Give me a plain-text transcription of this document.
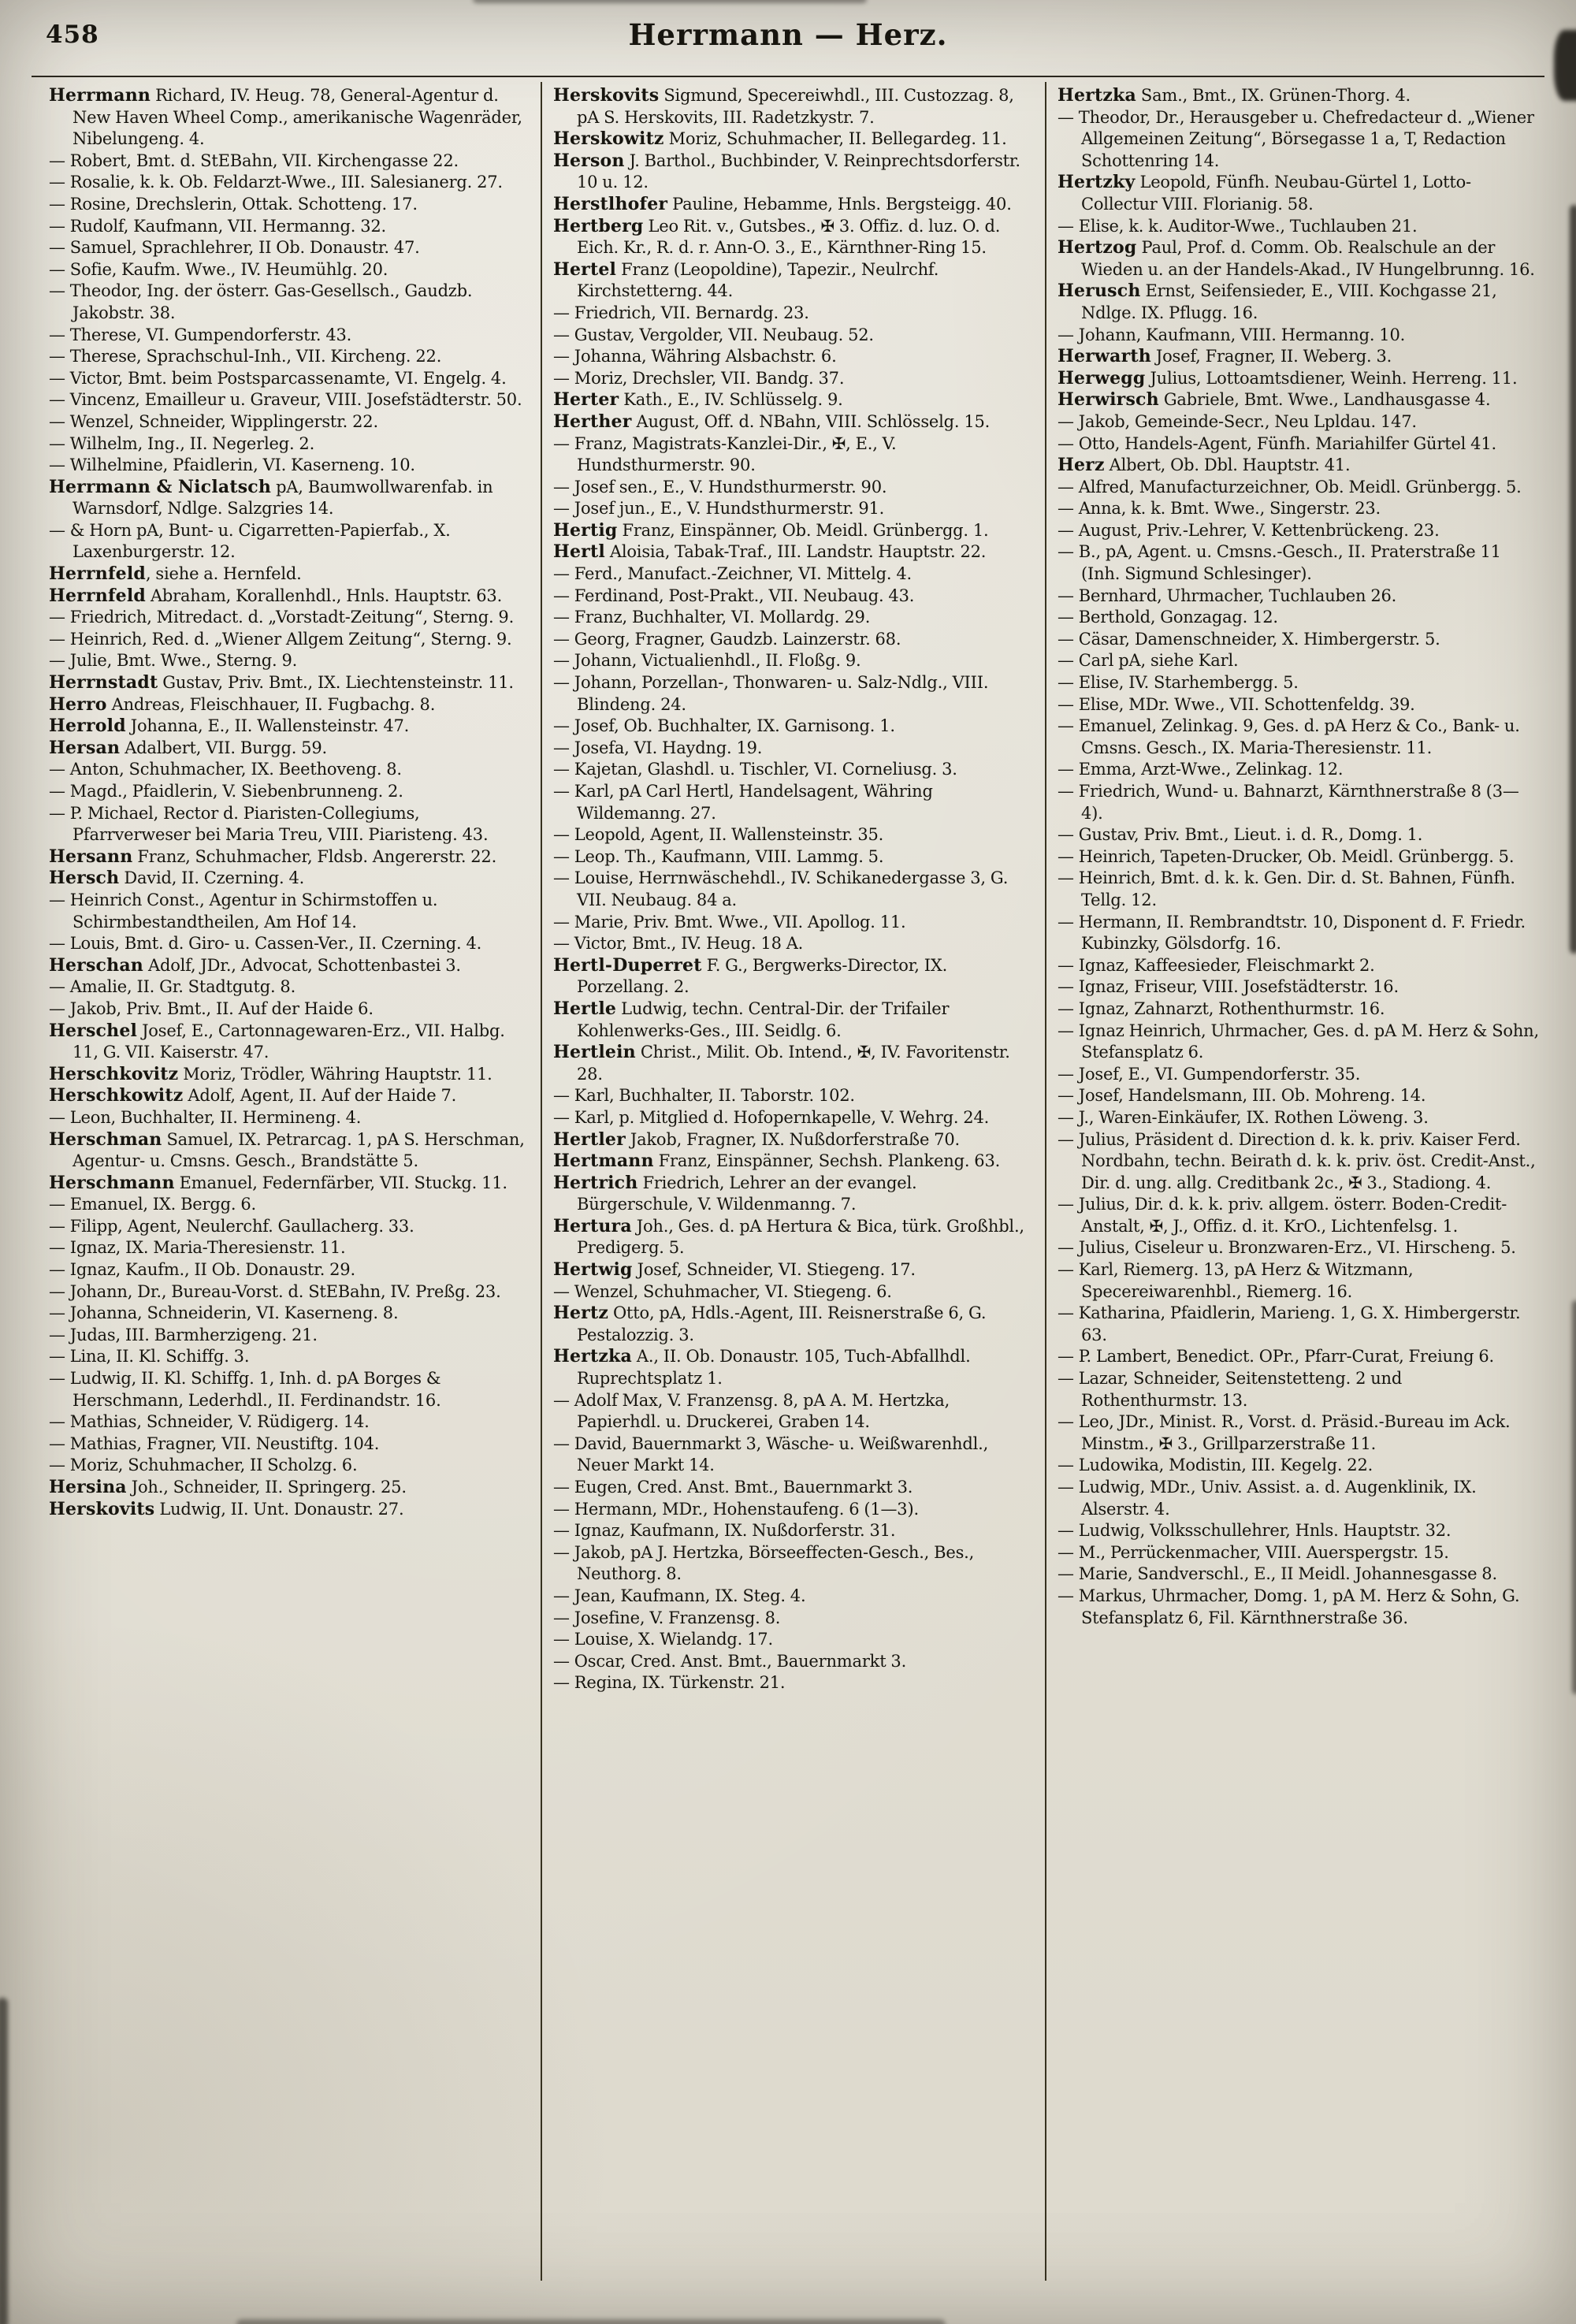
458	Herrmann — Herz.

Herrmann Richard, IV. Heug. 78, General-Agentur d. New Haven Wheel Comp., amerikanische Wagenräder, Nibelungeng. 4.

— Robert, Bmt. d. StEBahn, VII. Kirchengasse 22.

— Rosalie, k. k. Ob. Feldarzt-Wwe., III. Salesianerg. 27.

— Rosine, Drechslerin, Ottak. Schotteng. 17.

— Rudolf, Kaufmann, VII. Hermanng. 32.

— Samuel, Sprachlehrer, II Ob. Donaustr. 47.

— Sofie, Kaufm. Wwe., IV. Heumühlg. 20.

— Theodor, Ing. der österr. Gas-Gesellsch., Gaudzb. Jakobstr. 38.

— Therese, VI. Gumpendorferstr. 43.

— Therese, Sprachschul-Inh., VII. Kircheng. 22.

— Victor, Bmt. beim Postsparcassenamte, VI. Engelg. 4.

— Vincenz, Emailleur u. Graveur, VIII. Josefstädterstr. 50.

— Wenzel, Schneider, Wipplingerstr. 22.

— Wilhelm, Ing., II. Negerleg. 2.

— Wilhelmine, Pfaidlerin, VI. Kaserneng. 10.

Herrmann & Niclatsch pA, Baumwollwarenfab. in Warnsdorf, Ndlge. Salzgries 14.

— & Horn pA, Bunt- u. Cigarretten-Papierfab., X. Laxenburgerstr. 12.

Herrnfeld, siehe a. Hernfeld.

Herrnfeld Abraham, Korallenhdl., Hnls. Hauptstr. 63.

— Friedrich, Mitredact. d. „Vorstadt-Zeitung“, Sterng. 9.

— Heinrich, Red. d. „Wiener Allgem Zeitung“, Sterng. 9.

— Julie, Bmt. Wwe., Sterng. 9.

Herrnstadt Gustav, Priv. Bmt., IX. Liechtensteinstr. 11.

Herro Andreas, Fleischhauer, II. Fugbachg. 8.

Herrold Johanna, E., II. Wallensteinstr. 47.

Hersan Adalbert, VII. Burgg. 59.

— Anton, Schuhmacher, IX. Beethoveng. 8.

— Magd., Pfaidlerin, V. Siebenbrunneng. 2.

— P. Michael, Rector d. Piaristen-Collegiums, Pfarrverweser bei Maria Treu, VIII. Piaristeng. 43.

Hersann Franz, Schuhmacher, Fldsb. Angererstr. 22.

Hersch David, II. Czerning. 4.

— Heinrich Const., Agentur in Schirmstoffen u. Schirmbestandtheilen, Am Hof 14.

— Louis, Bmt. d. Giro- u. Cassen-Ver., II. Czerning. 4.

Herschan Adolf, JDr., Advocat, Schottenbastei 3.

— Amalie, II. Gr. Stadtgutg. 8.

— Jakob, Priv. Bmt., II. Auf der Haide 6.

Herschel Josef, E., Cartonnagewaren-Erz., VII. Halbg. 11, G. VII. Kaiserstr. 47.

Herschkovitz Moriz, Trödler, Währing Hauptstr. 11.

Herschkowitz Adolf, Agent, II. Auf der Haide 7.

— Leon, Buchhalter, II. Hermineng. 4.

Herschman Samuel, IX. Petrarcag. 1, pA S. Herschman, Agentur- u. Cmsns. Gesch., Brandstätte 5.

Herschmann Emanuel, Federnfärber, VII. Stuckg. 11.

— Emanuel, IX. Bergg. 6.

— Filipp, Agent, Neulerchf. Gaullacherg. 33.

— Ignaz, IX. Maria-Theresienstr. 11.

— Ignaz, Kaufm., II Ob. Donaustr. 29.

— Johann, Dr., Bureau-Vorst. d. StEBahn, IV. Preßg. 23.

— Johanna, Schneiderin, VI. Kaserneng. 8.

— Judas, III. Barmherzigeng. 21.

— Lina, II. Kl. Schiffg. 3.

— Ludwig, II. Kl. Schiffg. 1, Inh. d. pA Borges & Herschmann, Lederhdl., II. Ferdinandstr. 16.

— Mathias, Schneider, V. Rüdigerg. 14.

— Mathias, Fragner, VII. Neustiftg. 104.

— Moriz, Schuhmacher, II Scholzg. 6.

Hersina Joh., Schneider, II. Springerg. 25.

Herskovits Ludwig, II. Unt. Donaustr. 27.

Herskovits Sigmund, Specereiwhdl., III. Custozzag. 8, pA S. Herskovits, III. Radetzkystr. 7.

Herskowitz Moriz, Schuhmacher, II. Bellegardeg. 11.

Herson J. Barthol., Buchbinder, V. Reinprechtsdorferstr. 10 u. 12.

Herstlhofer Pauline, Hebamme, Hnls. Bergsteigg. 40.

Hertberg Leo Rit. v., Gutsbes., ✠ 3. Offiz. d. luz. O. d. Eich. Kr., R. d. r. Ann-O. 3., E., Kärnthner-Ring 15.

Hertel Franz (Leopoldine), Tapezir., Neulrchf. Kirchstetterng. 44.

— Friedrich, VII. Bernardg. 23.

— Gustav, Vergolder, VII. Neubaug. 52.

— Johanna, Währing Alsbachstr. 6.

— Moriz, Drechsler, VII. Bandg. 37.

Herter Kath., E., IV. Schlüsselg. 9.

Herther August, Off. d. NBahn, VIII. Schlösselg. 15.

— Franz, Magistrats-Kanzlei-Dir., ✠, E., V. Hundsthurmerstr. 90.

— Josef sen., E., V. Hundsthurmerstr. 90.

— Josef jun., E., V. Hundsthurmerstr. 91.

Hertig Franz, Einspänner, Ob. Meidl. Grünbergg. 1.

Hertl Aloisia, Tabak-Traf., III. Landstr. Hauptstr. 22.

— Ferd., Manufact.-Zeichner, VI. Mittelg. 4.

— Ferdinand, Post-Prakt., VII. Neubaug. 43.

— Franz, Buchhalter, VI. Mollardg. 29.

— Georg, Fragner, Gaudzb. Lainzerstr. 68.

— Johann, Victualienhdl., II. Floßg. 9.

— Johann, Porzellan-, Thonwaren- u. Salz-Ndlg., VIII. Blindeng. 24.

— Josef, Ob. Buchhalter, IX. Garnisong. 1.

— Josefa, VI. Haydng. 19.

— Kajetan, Glashdl. u. Tischler, VI. Corneliusg. 3.

— Karl, pA Carl Hertl, Handelsagent, Währing Wildemanng. 27.

— Leopold, Agent, II. Wallensteinstr. 35.

— Leop. Th., Kaufmann, VIII. Lammg. 5.

— Louise, Herrnwäschehdl., IV. Schikanedergasse 3, G. VII. Neubaug. 84 a.

— Marie, Priv. Bmt. Wwe., VII. Apollog. 11.

— Victor, Bmt., IV. Heug. 18 A.

Hertl-Duperret F. G., Bergwerks-Director, IX. Porzellang. 2.

Hertle Ludwig, techn. Central-Dir. der Trifailer Kohlenwerks-Ges., III. Seidlg. 6.

Hertlein Christ., Milit. Ob. Intend., ✠, IV. Favoritenstr. 28.

— Karl, Buchhalter, II. Taborstr. 102.

— Karl, p. Mitglied d. Hofopernkapelle, V. Wehrg. 24.

Hertler Jakob, Fragner, IX. Nußdorferstraße 70.

Hertmann Franz, Einspänner, Sechsh. Plankeng. 63.

Hertrich Friedrich, Lehrer an der evangel. Bürgerschule, V. Wildenmanng. 7.

Hertura Joh., Ges. d. pA Hertura & Bica, türk. Großhbl., Predigerg. 5.

Hertwig Josef, Schneider, VI. Stiegeng. 17.

— Wenzel, Schuhmacher, VI. Stiegeng. 6.

Hertz Otto, pA, Hdls.-Agent, III. Reisnerstraße 6, G. Pestalozzig. 3.

Hertzka A., II. Ob. Donaustr. 105, Tuch-Abfallhdl. Ruprechtsplatz 1.

— Adolf Max, V. Franzensg. 8, pA A. M. Hertzka, Papierhdl. u. Druckerei, Graben 14.

— David, Bauernmarkt 3, Wäsche- u. Weißwarenhdl., Neuer Markt 14.

— Eugen, Cred. Anst. Bmt., Bauernmarkt 3.

— Hermann, MDr., Hohenstaufeng. 6 (1—3).

— Ignaz, Kaufmann, IX. Nußdorferstr. 31.

— Jakob, pA J. Hertzka, Börseeffecten-Gesch., Bes., Neuthorg. 8.

— Jean, Kaufmann, IX. Steg. 4.

— Josefine, V. Franzensg. 8.

— Louise, X. Wielandg. 17.

— Oscar, Cred. Anst. Bmt., Bauernmarkt 3.

— Regina, IX. Türkenstr. 21.

Hertzka Sam., Bmt., IX. Grünen-Thorg. 4.

— Theodor, Dr., Herausgeber u. Chefredacteur d. „Wiener Allgemeinen Zeitung“, Börsegasse 1 a, T, Redaction Schottenring 14.

Hertzky Leopold, Fünfh. Neubau-Gürtel 1, Lotto-Collectur VIII. Florianig. 58.

— Elise, k. k. Auditor-Wwe., Tuchlauben 21.

Hertzog Paul, Prof. d. Comm. Ob. Realschule an der Wieden u. an der Handels-Akad., IV Hungelbrunng. 16.

Herusch Ernst, Seifensieder, E., VIII. Kochgasse 21, Ndlge. IX. Pflugg. 16.

— Johann, Kaufmann, VIII. Hermanng. 10.

Herwarth Josef, Fragner, II. Weberg. 3.

Herwegg Julius, Lottoamtsdiener, Weinh. Herreng. 11.

Herwirsch Gabriele, Bmt. Wwe., Landhausgasse 4.

— Jakob, Gemeinde-Secr., Neu Lpldau. 147.

— Otto, Handels-Agent, Fünfh. Mariahilfer Gürtel 41.

Herz Albert, Ob. Dbl. Hauptstr. 41.

— Alfred, Manufacturzeichner, Ob. Meidl. Grünbergg. 5.

— Anna, k. k. Bmt. Wwe., Singerstr. 23.

— August, Priv.-Lehrer, V. Kettenbrückeng. 23.

— B., pA, Agent. u. Cmsns.-Gesch., II. Praterstraße 11 (Inh. Sigmund Schlesinger).

— Bernhard, Uhrmacher, Tuchlauben 26.

— Berthold, Gonzagag. 12.

— Cäsar, Damenschneider, X. Himbergerstr. 5.

— Carl pA, siehe Karl.

— Elise, IV. Starhembergg. 5.

— Elise, MDr. Wwe., VII. Schottenfeldg. 39.

— Emanuel, Zelinkag. 9, Ges. d. pA Herz & Co., Bank- u. Cmsns. Gesch., IX. Maria-Theresienstr. 11.

— Emma, Arzt-Wwe., Zelinkag. 12.

— Friedrich, Wund- u. Bahnarzt, Kärnthnerstraße 8 (3—4).

— Gustav, Priv. Bmt., Lieut. i. d. R., Domg. 1.

— Heinrich, Tapeten-Drucker, Ob. Meidl. Grünbergg. 5.

— Heinrich, Bmt. d. k. k. Gen. Dir. d. St. Bahnen, Fünfh. Tellg. 12.

— Hermann, II. Rembrandtstr. 10, Disponent d. F. Friedr. Kubinzky, Gölsdorfg. 16.

— Ignaz, Kaffeesieder, Fleischmarkt 2.

— Ignaz, Friseur, VIII. Josefstädterstr. 16.

— Ignaz, Zahnarzt, Rothenthurmstr. 16.

— Ignaz Heinrich, Uhrmacher, Ges. d. pA M. Herz & Sohn, Stefansplatz 6.

— Josef, E., VI. Gumpendorferstr. 35.

— Josef, Handelsmann, III. Ob. Mohreng. 14.

— J., Waren-Einkäufer, IX. Rothen Löweng. 3.

— Julius, Präsident d. Direction d. k. k. priv. Kaiser Ferd. Nordbahn, techn. Beirath d. k. k. priv. öst. Credit-Anst., Dir. d. ung. allg. Creditbank 2c., ✠ 3., Stadiong. 4.

— Julius, Dir. d. k. k. priv. allgem. österr. Boden-Credit-Anstalt, ✠, J., Offiz. d. it. KrO., Lichtenfelsg. 1.

— Julius, Ciseleur u. Bronzwaren-Erz., VI. Hirscheng. 5.

— Karl, Riemerg. 13, pA Herz & Witzmann, Specereiwarenhbl., Riemerg. 16.

— Katharina, Pfaidlerin, Marieng. 1, G. X. Himbergerstr. 63.

— P. Lambert, Benedict. OPr., Pfarr-Curat, Freiung 6.

— Lazar, Schneider, Seitenstetteng. 2 und Rothenthurmstr. 13.

— Leo, JDr., Minist. R., Vorst. d. Präsid.-Bureau im Ack. Minstm., ✠ 3., Grillparzerstraße 11.

— Ludowika, Modistin, III. Kegelg. 22.

— Ludwig, MDr., Univ. Assist. a. d. Augenklinik, IX. Alserstr. 4.

— Ludwig, Volksschullehrer, Hnls. Hauptstr. 32.

— M., Perrückenmacher, VIII. Auerspergstr. 15.

— Marie, Sandverschl., E., II Meidl. Johannesgasse 8.

— Markus, Uhrmacher, Domg. 1, pA M. Herz & Sohn, G. Stefansplatz 6, Fil. Kärnthnerstraße 36.
